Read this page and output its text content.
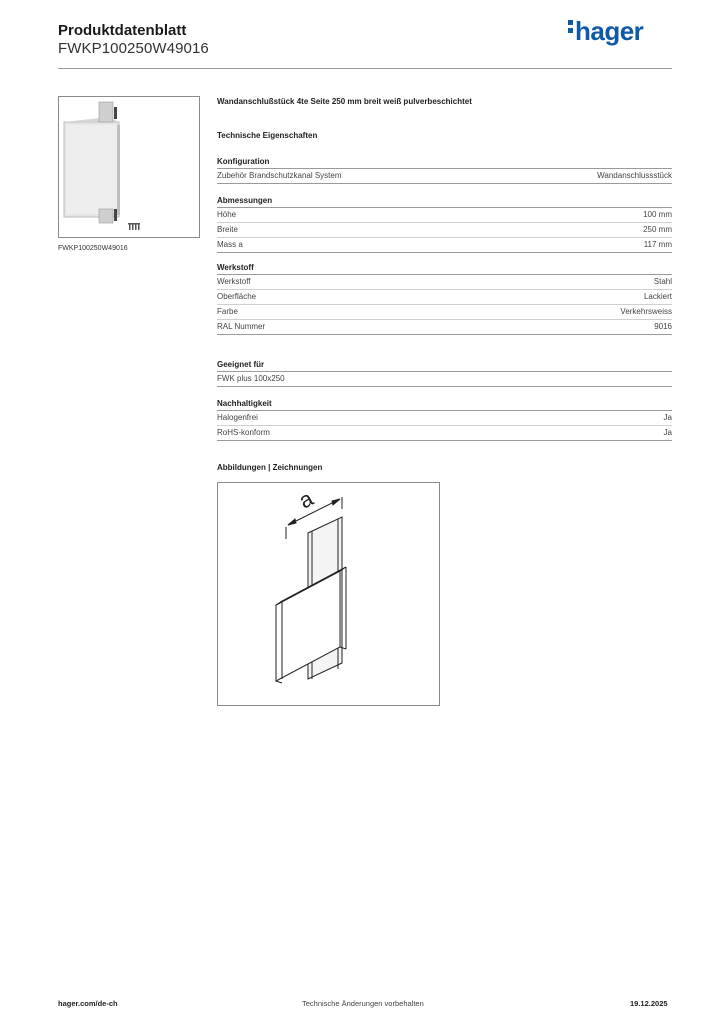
Produktdatenblatt
FWKP100250W49016
hager
FWKP100250W49016
Wandanschlußstück 4te Seite 250 mm breit weiß pulverbeschichtet
Technische Eigenschaften
Konfiguration
Zubehör Brandschutzkanal System	Wandanschlussstück
Abmessungen
Höhe	100 mm
Breite	250 mm
Mass a	117 mm
Werkstoff
Werkstoff	Stahl
Oberfläche	Lackiert
Farbe	Verkehrsweiss
RAL Nummer	9016
Geeignet für
FWK plus 100x250
Nachhaltigkeit
Halogenfrei	Ja
RoHS-konform	Ja
Abbildungen | Zeichnungen
a
hager.com/de-ch	Technische Änderungen vorbehalten	19.12.2025
